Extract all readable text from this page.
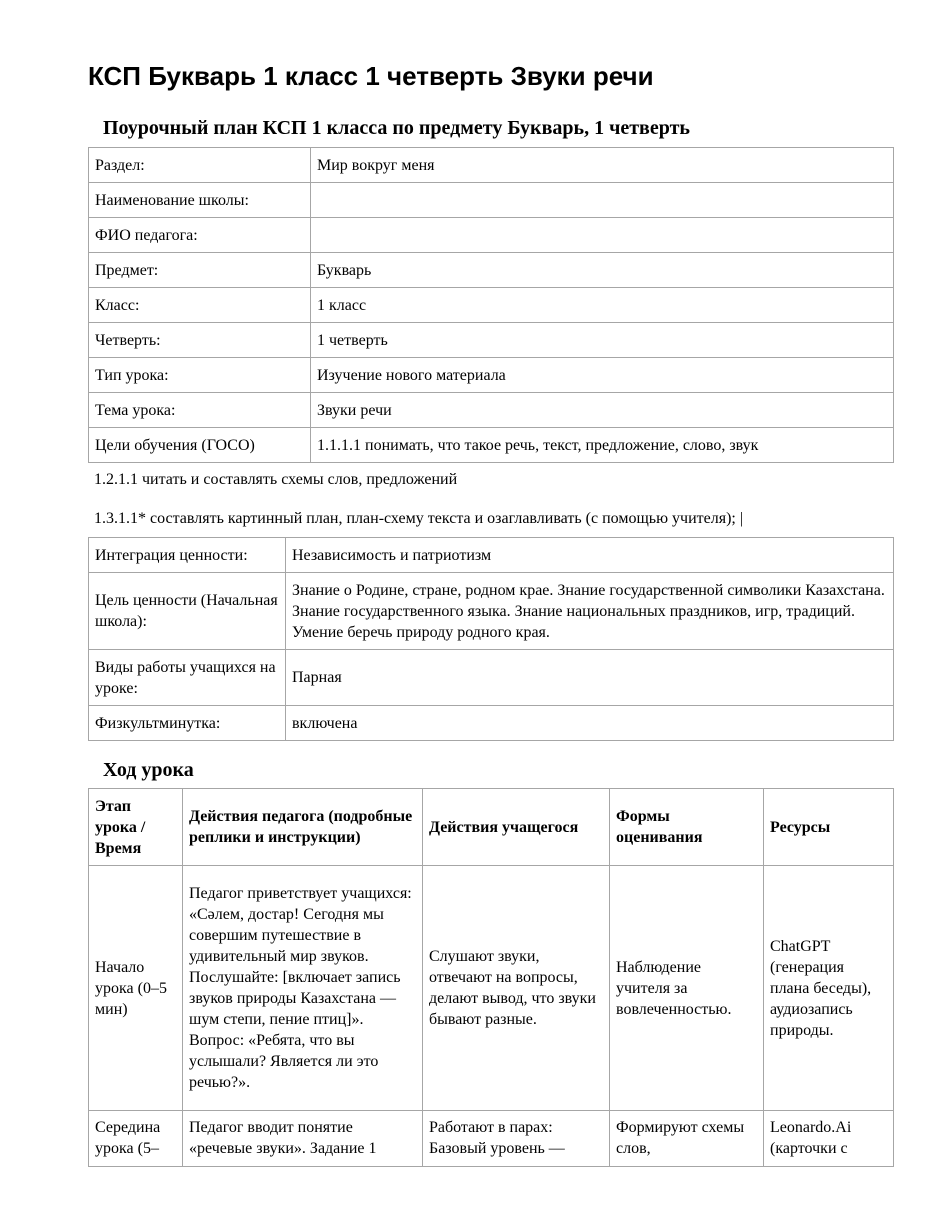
КСП Букварь 1 класс 1 четверть Звуки речи
Поурочный план КСП 1 класса по предмету Букварь, 1 четверть
Раздел:	Мир вокруг меня
Наименование школы:	
ФИО педагога:	
Предмет:	Букварь
Класс:	1 класс
Четверть:	1 четверть
Тип урока:	Изучение нового материала
Тема урока:	Звуки речи
Цели обучения (ГОСО)	1.1.1.1 понимать, что такое речь, текст, предложение, слово, звук
1.2.1.1 читать и составлять схемы слов, предложений
1.3.1.1* составлять картинный план, план-схему текста и озаглавливать (с помощью учителя); |
Интеграция ценности:	Независимость и патриотизм
Цель ценности (Начальная школа):	Знание о Родине, стране, родном крае. Знание государственной символики Казахстана. Знание государственного языка. Знание национальных праздников, игр, традиций. Умение беречь природу родного края.
Виды работы учащихся на уроке:	Парная
Физкультминутка:	включена
Ход урока
Этап урока / Время	Действия педагога (подробные реплики и инструкции)	Действия учащегося	Формы оценивания	Ресурсы
Начало урока (0–5 мин)	Педагог приветствует учащихся: «Сәлем, достар! Сегодня мы совершим путешествие в удивительный мир звуков. Послушайте: [включает запись звуков природы Казахстана — шум степи, пение птиц]». Вопрос: «Ребята, что вы услышали? Является ли это речью?».	Слушают звуки, отвечают на вопросы, делают вывод, что звуки бывают разные.	Наблюдение учителя за вовлеченностью.	ChatGPT (генерация плана беседы), аудиозапись природы.
Середина урока (5–	Педагог вводит понятие «речевые звуки». Задание 1	Работают в парах: Базовый уровень —	Формируют схемы слов,	Leonardo.Ai (карточки с
